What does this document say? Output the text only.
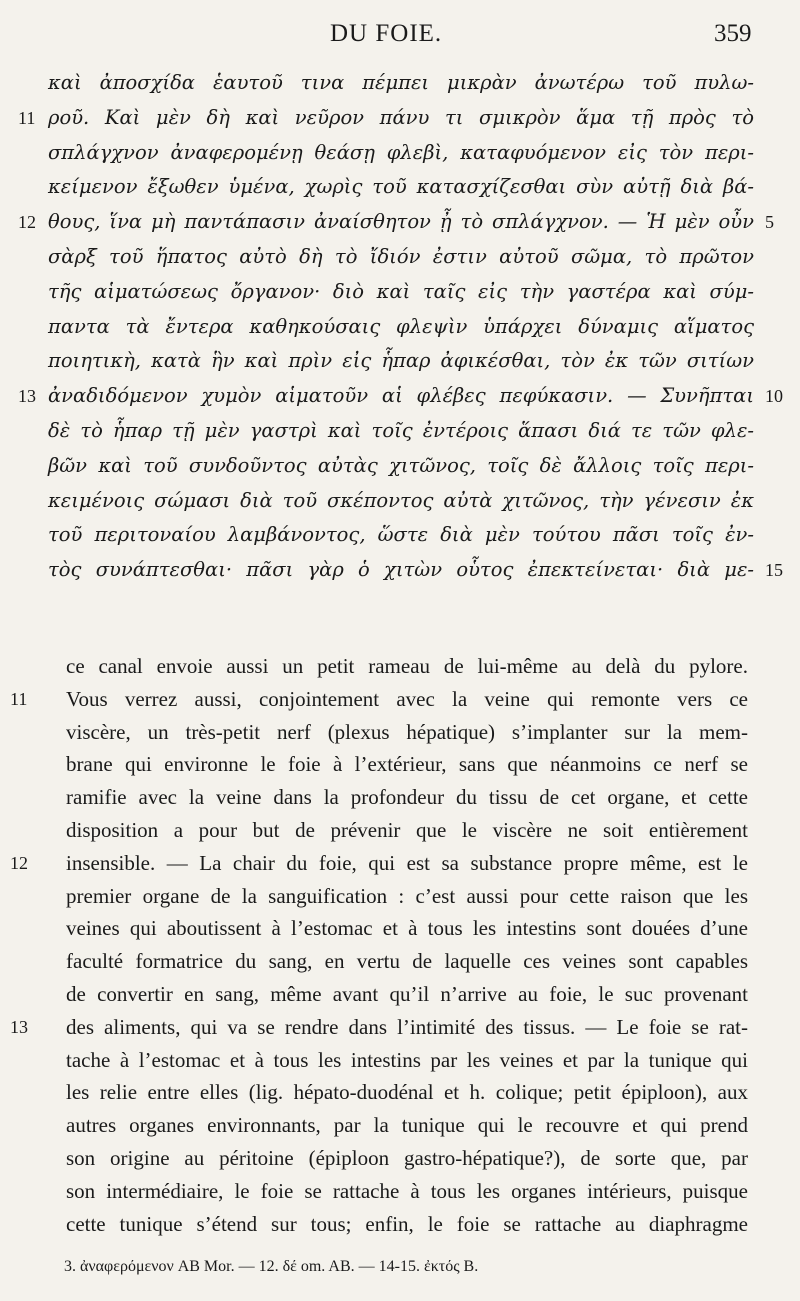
DU FOIE.	359
καὶ ἀποσχίδα ἑαυτοῦ τινα πέμπει μικρὰν ἀνωτέρω τοῦ πυλω-
11 ροῦ. Καὶ μὲν δὴ καὶ νεῦρον πάνυ τι σμικρὸν ἅμα τῇ πρὸς τὸ
σπλάγχνον ἀναφερομένῃ θεάσῃ φλεβὶ, καταφυόμενον εἰς τὸν περι-
κείμενον ἔξωθεν ὑμένα, χωρὶς τοῦ κατασχίζεσθαι σὺν αὐτῇ διὰ βά-
12 θους, ἵνα μὴ παντάπασιν ἀναίσθητον ᾖ τὸ σπλάγχνον. — Ἡ μὲν οὖν 5
σὰρξ τοῦ ἥπατος αὐτὸ δὴ τὸ ἴδιόν ἐστιν αὐτοῦ σῶμα, τὸ πρῶτον
τῆς αἱματώσεως ὄργανον· διὸ καὶ ταῖς εἰς τὴν γαστέρα καὶ σύμ-
παντα τὰ ἔντερα καθηκούσαις φλεψὶν ὑπάρχει δύναμις αἵματος
ποιητικὴ, κατὰ ἣν καὶ πρὶν εἰς ἧπαρ ἀφικέσθαι, τὸν ἐκ τῶν σιτίων
13 ἀναδιδόμενον χυμὸν αἱματοῦν αἱ φλέβες πεφύκασιν. — Συνῆπται 10
δὲ τὸ ἧπαρ τῇ μὲν γαστρὶ καὶ τοῖς ἐντέροις ἅπασι διά τε τῶν φλε-
βῶν καὶ τοῦ συνδοῦντος αὐτὰς χιτῶνος, τοῖς δὲ ἄλλοις τοῖς περι-
κειμένοις σώμασι διὰ τοῦ σκέποντος αὐτὰ χιτῶνος, τὴν γένεσιν ἐκ
τοῦ περιτοναίου λαμβάνοντος, ὥστε διὰ μὲν τούτου πᾶσι τοῖς ἐν-
τὸς συνάπτεσθαι· πᾶσι γὰρ ὁ χιτὼν οὗτος ἐπεκτείνεται· διὰ με- 15
ce canal envoie aussi un petit rameau de lui-même au delà du pylore.
11 Vous verrez aussi, conjointement avec la veine qui remonte vers ce
viscère, un très-petit nerf (plexus hépatique) s’implanter sur la mem-
brane qui environne le foie à l’extérieur, sans que néanmoins ce nerf se
ramifie avec la veine dans la profondeur du tissu de cet organe, et cette
disposition a pour but de prévenir que le viscère ne soit entièrement
12 insensible. — La chair du foie, qui est sa substance propre même, est le
premier organe de la sanguification : c’est aussi pour cette raison que les
veines qui aboutissent à l’estomac et à tous les intestins sont douées d’une
faculté formatrice du sang, en vertu de laquelle ces veines sont capables
de convertir en sang, même avant qu’il n’arrive au foie, le suc provenant
13 des aliments, qui va se rendre dans l’intimité des tissus. — Le foie se rat-
tache à l’estomac et à tous les intestins par les veines et par la tunique qui
les relie entre elles (lig. hépato-duodénal et h. colique; petit épiploon), aux
autres organes environnants, par la tunique qui le recouvre et qui prend
son origine au péritoine (épiploon gastro-hépatique?), de sorte que, par
son intermédiaire, le foie se rattache à tous les organes intérieurs, puisque
cette tunique s’étend sur tous; enfin, le foie se rattache au diaphragme
3. ἀναφερόμενον AB Mor. — 12. δέ om. AB. — 14-15. ἐκτός B.
